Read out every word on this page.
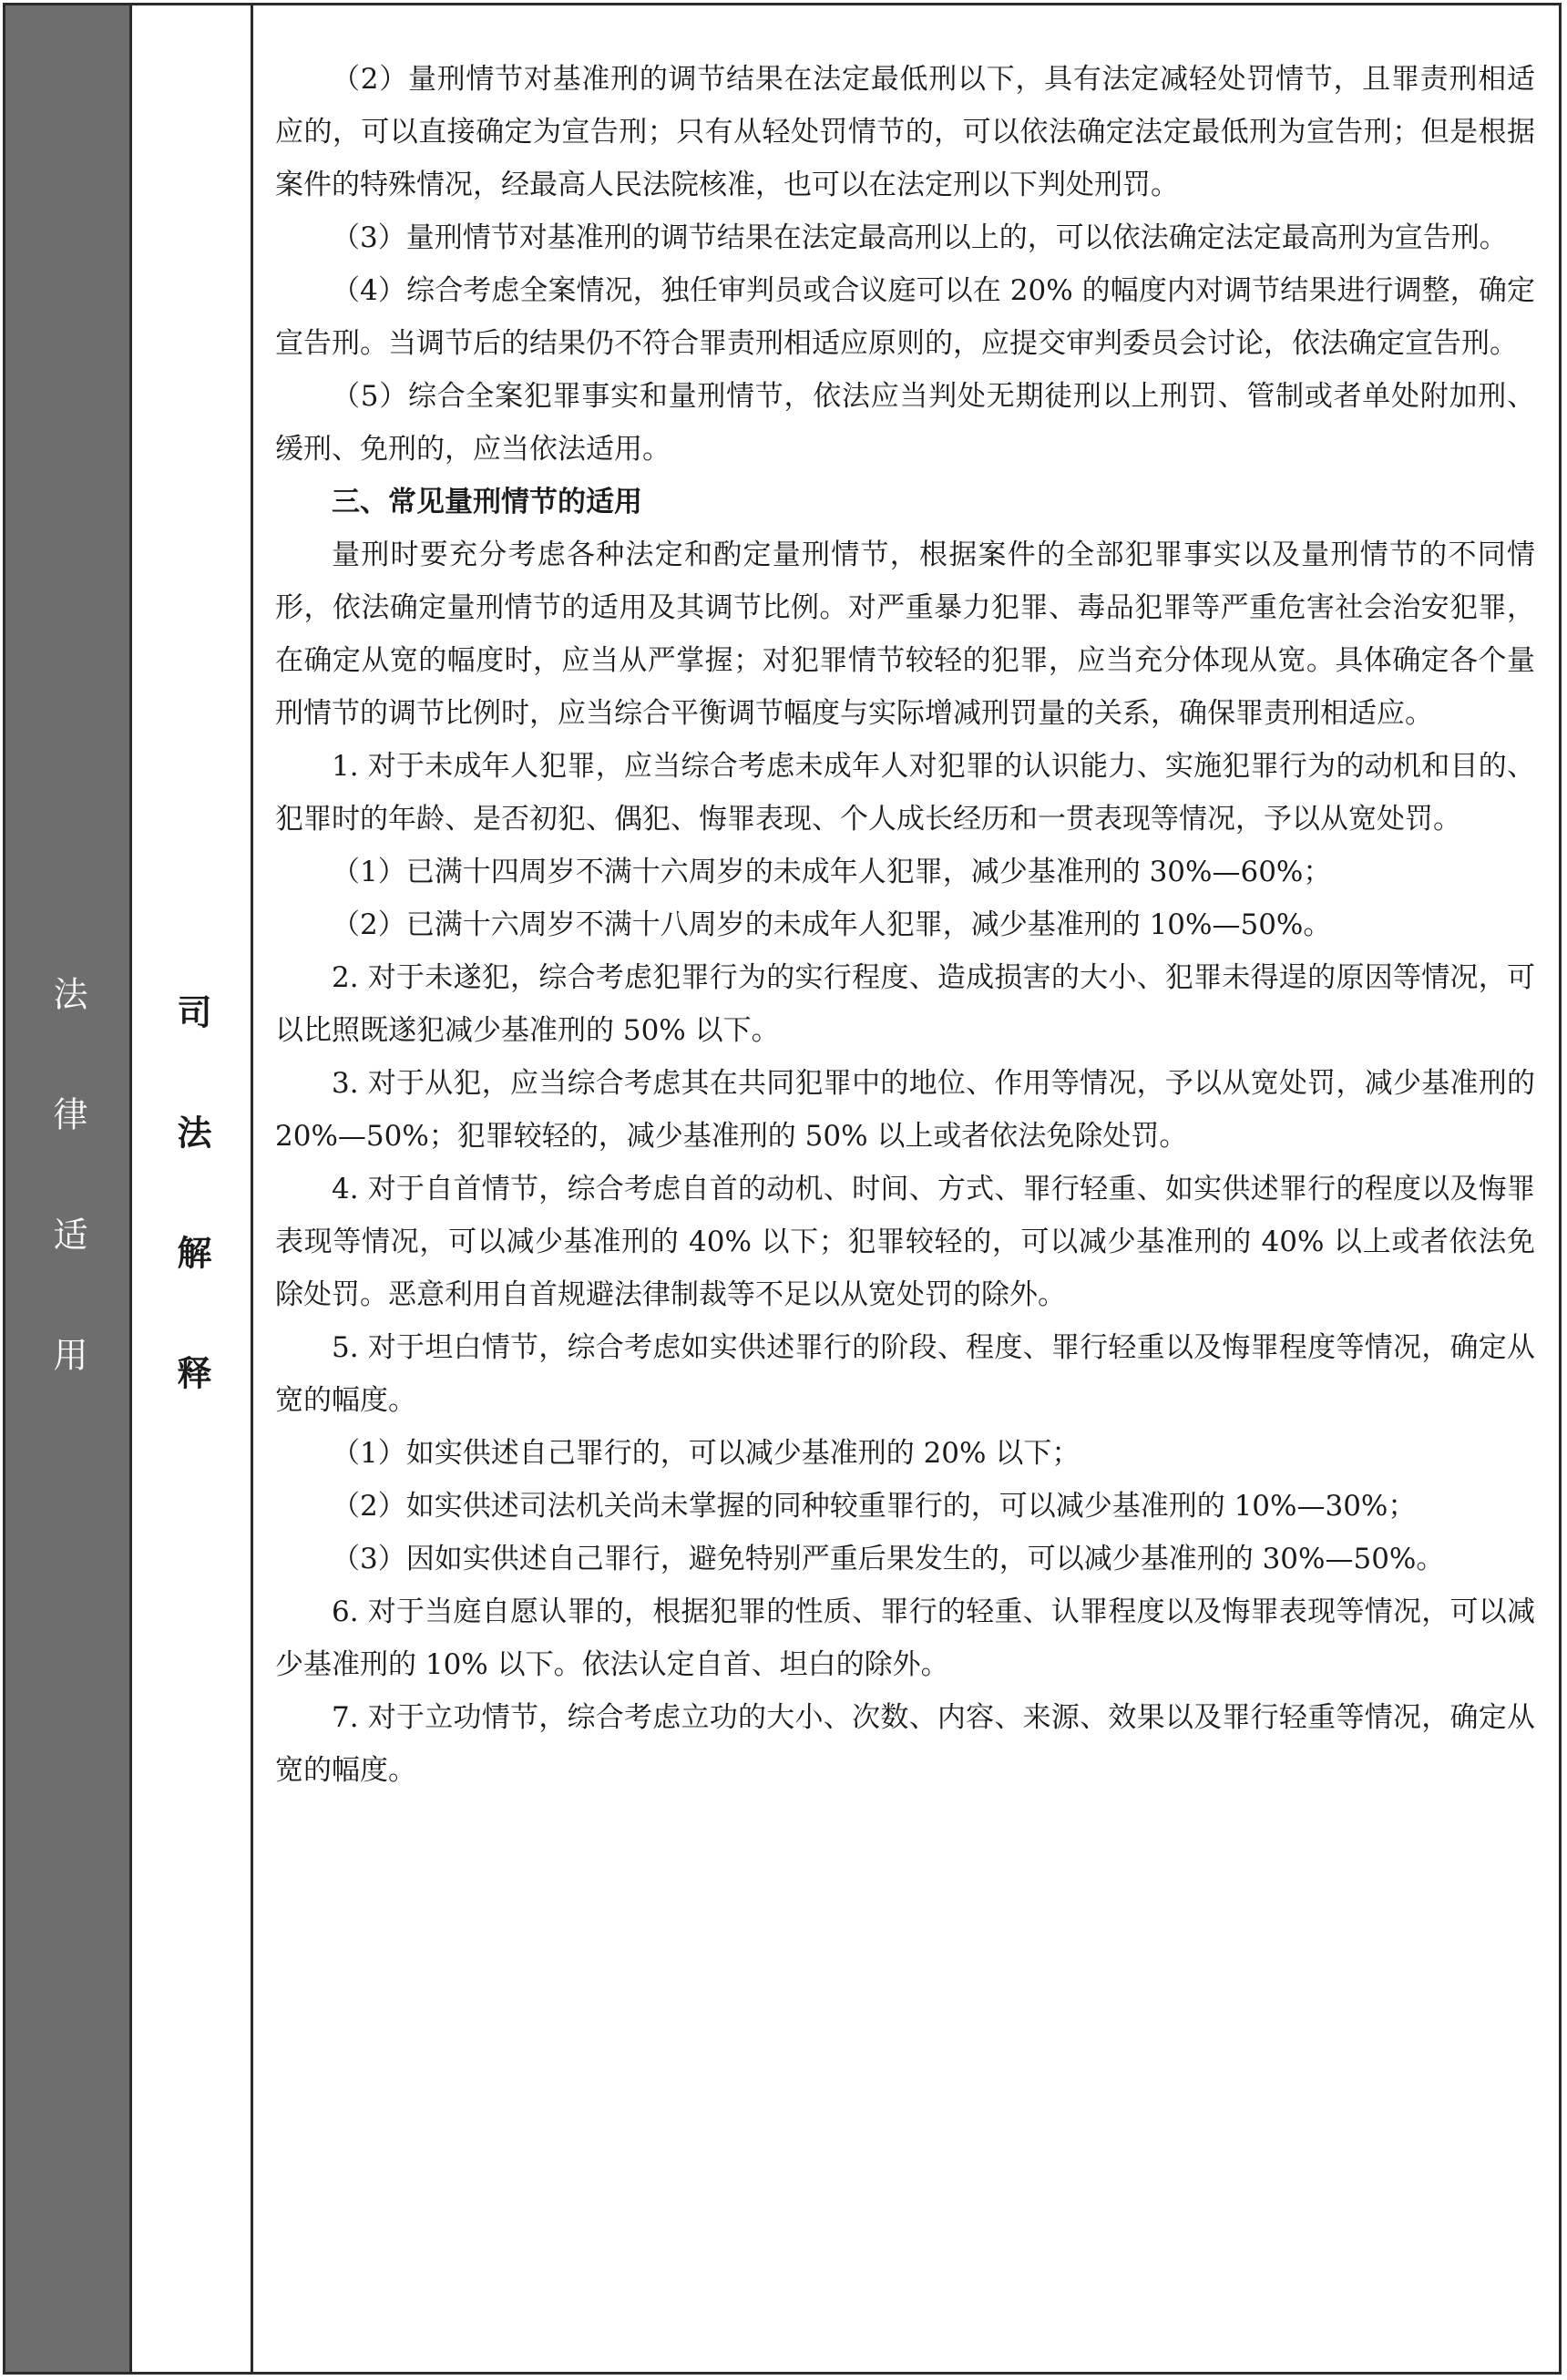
法律适用 司法解释

（2）量刑情节对基准刑的调节结果在法定最低刑以下，具有法定减轻处罚情节，且罪责刑相适应的，可以直接确定为宣告刑；只有从轻处罚情节的，可以依法确定法定最低刑为宣告刑；但是根据案件的特殊情况，经最高人民法院核准，也可以在法定刑以下判处刑罚。

（3）量刑情节对基准刑的调节结果在法定最高刑以上的，可以依法确定法定最高刑为宣告刑。

（4）综合考虑全案情况，独任审判员或合议庭可以在 20% 的幅度内对调节结果进行调整，确定宣告刑。当调节后的结果仍不符合罪责刑相适应原则的，应提交审判委员会讨论，依法确定宣告刑。

（5）综合全案犯罪事实和量刑情节，依法应当判处无期徒刑以上刑罚、管制或者单处附加刑、缓刑、免刑的，应当依法适用。

三、常见量刑情节的适用

量刑时要充分考虑各种法定和酌定量刑情节，根据案件的全部犯罪事实以及量刑情节的不同情形，依法确定量刑情节的适用及其调节比例。对严重暴力犯罪、毒品犯罪等严重危害社会治安犯罪，在确定从宽的幅度时，应当从严掌握；对犯罪情节较轻的犯罪，应当充分体现从宽。具体确定各个量刑情节的调节比例时，应当综合平衡调节幅度与实际增减刑罚量的关系，确保罪责刑相适应。

1. 对于未成年人犯罪，应当综合考虑未成年人对犯罪的认识能力、实施犯罪行为的动机和目的、犯罪时的年龄、是否初犯、偶犯、悔罪表现、个人成长经历和一贯表现等情况，予以从宽处罚。

（1）已满十四周岁不满十六周岁的未成年人犯罪，减少基准刑的 30%—60%；

（2）已满十六周岁不满十八周岁的未成年人犯罪，减少基准刑的 10%—50%。

2. 对于未遂犯，综合考虑犯罪行为的实行程度、造成损害的大小、犯罪未得逞的原因等情况，可以比照既遂犯减少基准刑的 50% 以下。

3. 对于从犯，应当综合考虑其在共同犯罪中的地位、作用等情况，予以从宽处罚，减少基准刑的 20%—50%；犯罪较轻的，减少基准刑的 50% 以上或者依法免除处罚。

4. 对于自首情节，综合考虑自首的动机、时间、方式、罪行轻重、如实供述罪行的程度以及悔罪表现等情况，可以减少基准刑的 40% 以下；犯罪较轻的，可以减少基准刑的 40% 以上或者依法免除处罚。恶意利用自首规避法律制裁等不足以从宽处罚的除外。

5. 对于坦白情节，综合考虑如实供述罪行的阶段、程度、罪行轻重以及悔罪程度等情况，确定从宽的幅度。

（1）如实供述自己罪行的，可以减少基准刑的 20% 以下；

（2）如实供述司法机关尚未掌握的同种较重罪行的，可以减少基准刑的 10%—30%；

（3）因如实供述自己罪行，避免特别严重后果发生的，可以减少基准刑的 30%—50%。

6. 对于当庭自愿认罪的，根据犯罪的性质、罪行的轻重、认罪程度以及悔罪表现等情况，可以减少基准刑的 10% 以下。依法认定自首、坦白的除外。

7. 对于立功情节，综合考虑立功的大小、次数、内容、来源、效果以及罪行轻重等情况，确定从宽的幅度。
